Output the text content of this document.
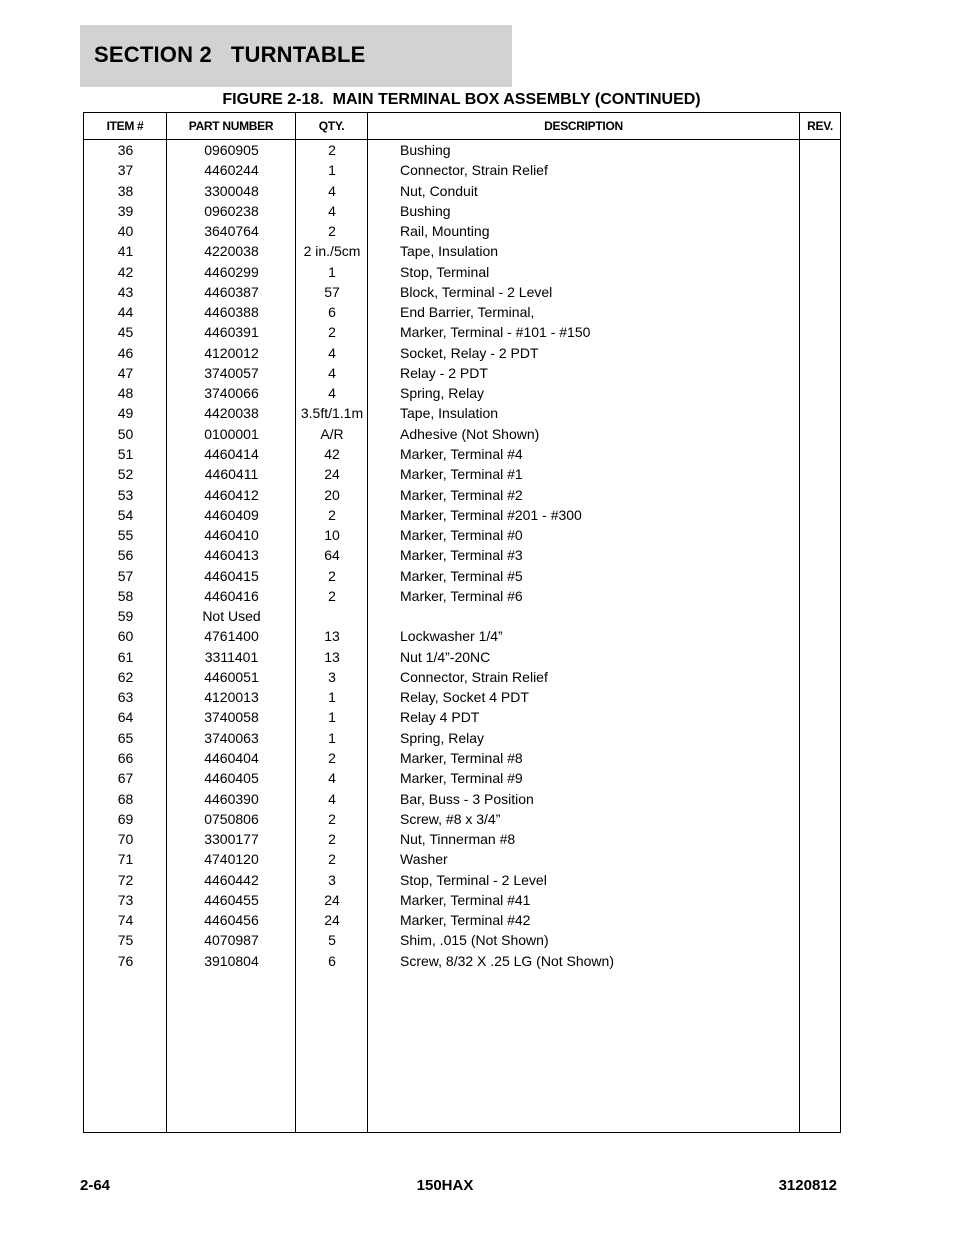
SECTION 2   TURNTABLE
FIGURE 2-18.  MAIN TERMINAL BOX ASSEMBLY (CONTINUED)
ITEM #	PART NUMBER	QTY.	DESCRIPTION	REV.
36	0960905	2	Bushing
37	4460244	1	Connector, Strain Relief
38	3300048	4	Nut, Conduit
39	0960238	4	Bushing
40	3640764	2	Rail, Mounting
41	4220038	2 in./5cm	Tape, Insulation
42	4460299	1	Stop, Terminal
43	4460387	57	Block, Terminal - 2 Level
44	4460388	6	End Barrier, Terminal,
45	4460391	2	Marker, Terminal - #101 - #150
46	4120012	4	Socket, Relay - 2 PDT
47	3740057	4	Relay - 2 PDT
48	3740066	4	Spring, Relay
49	4420038	3.5ft/1.1m	Tape, Insulation
50	0100001	A/R	Adhesive (Not Shown)
51	4460414	42	Marker, Terminal #4
52	4460411	24	Marker, Terminal #1
53	4460412	20	Marker, Terminal #2
54	4460409	2	Marker, Terminal #201 - #300
55	4460410	10	Marker, Terminal #0
56	4460413	64	Marker, Terminal #3
57	4460415	2	Marker, Terminal #5
58	4460416	2	Marker, Terminal #6
59	Not Used
60	4761400	13	Lockwasher 1/4”
61	3311401	13	Nut 1/4”-20NC
62	4460051	3	Connector, Strain Relief
63	4120013	1	Relay, Socket 4 PDT
64	3740058	1	Relay 4 PDT
65	3740063	1	Spring, Relay
66	4460404	2	Marker, Terminal #8
67	4460405	4	Marker, Terminal #9
68	4460390	4	Bar, Buss - 3 Position
69	0750806	2	Screw, #8 x 3/4”
70	3300177	2	Nut, Tinnerman #8
71	4740120	2	Washer
72	4460442	3	Stop, Terminal - 2 Level
73	4460455	24	Marker, Terminal #41
74	4460456	24	Marker, Terminal #42
75	4070987	5	Shim, .015 (Not Shown)
76	3910804	6	Screw, 8/32 X .25 LG (Not Shown)
2-64	150HAX	3120812
